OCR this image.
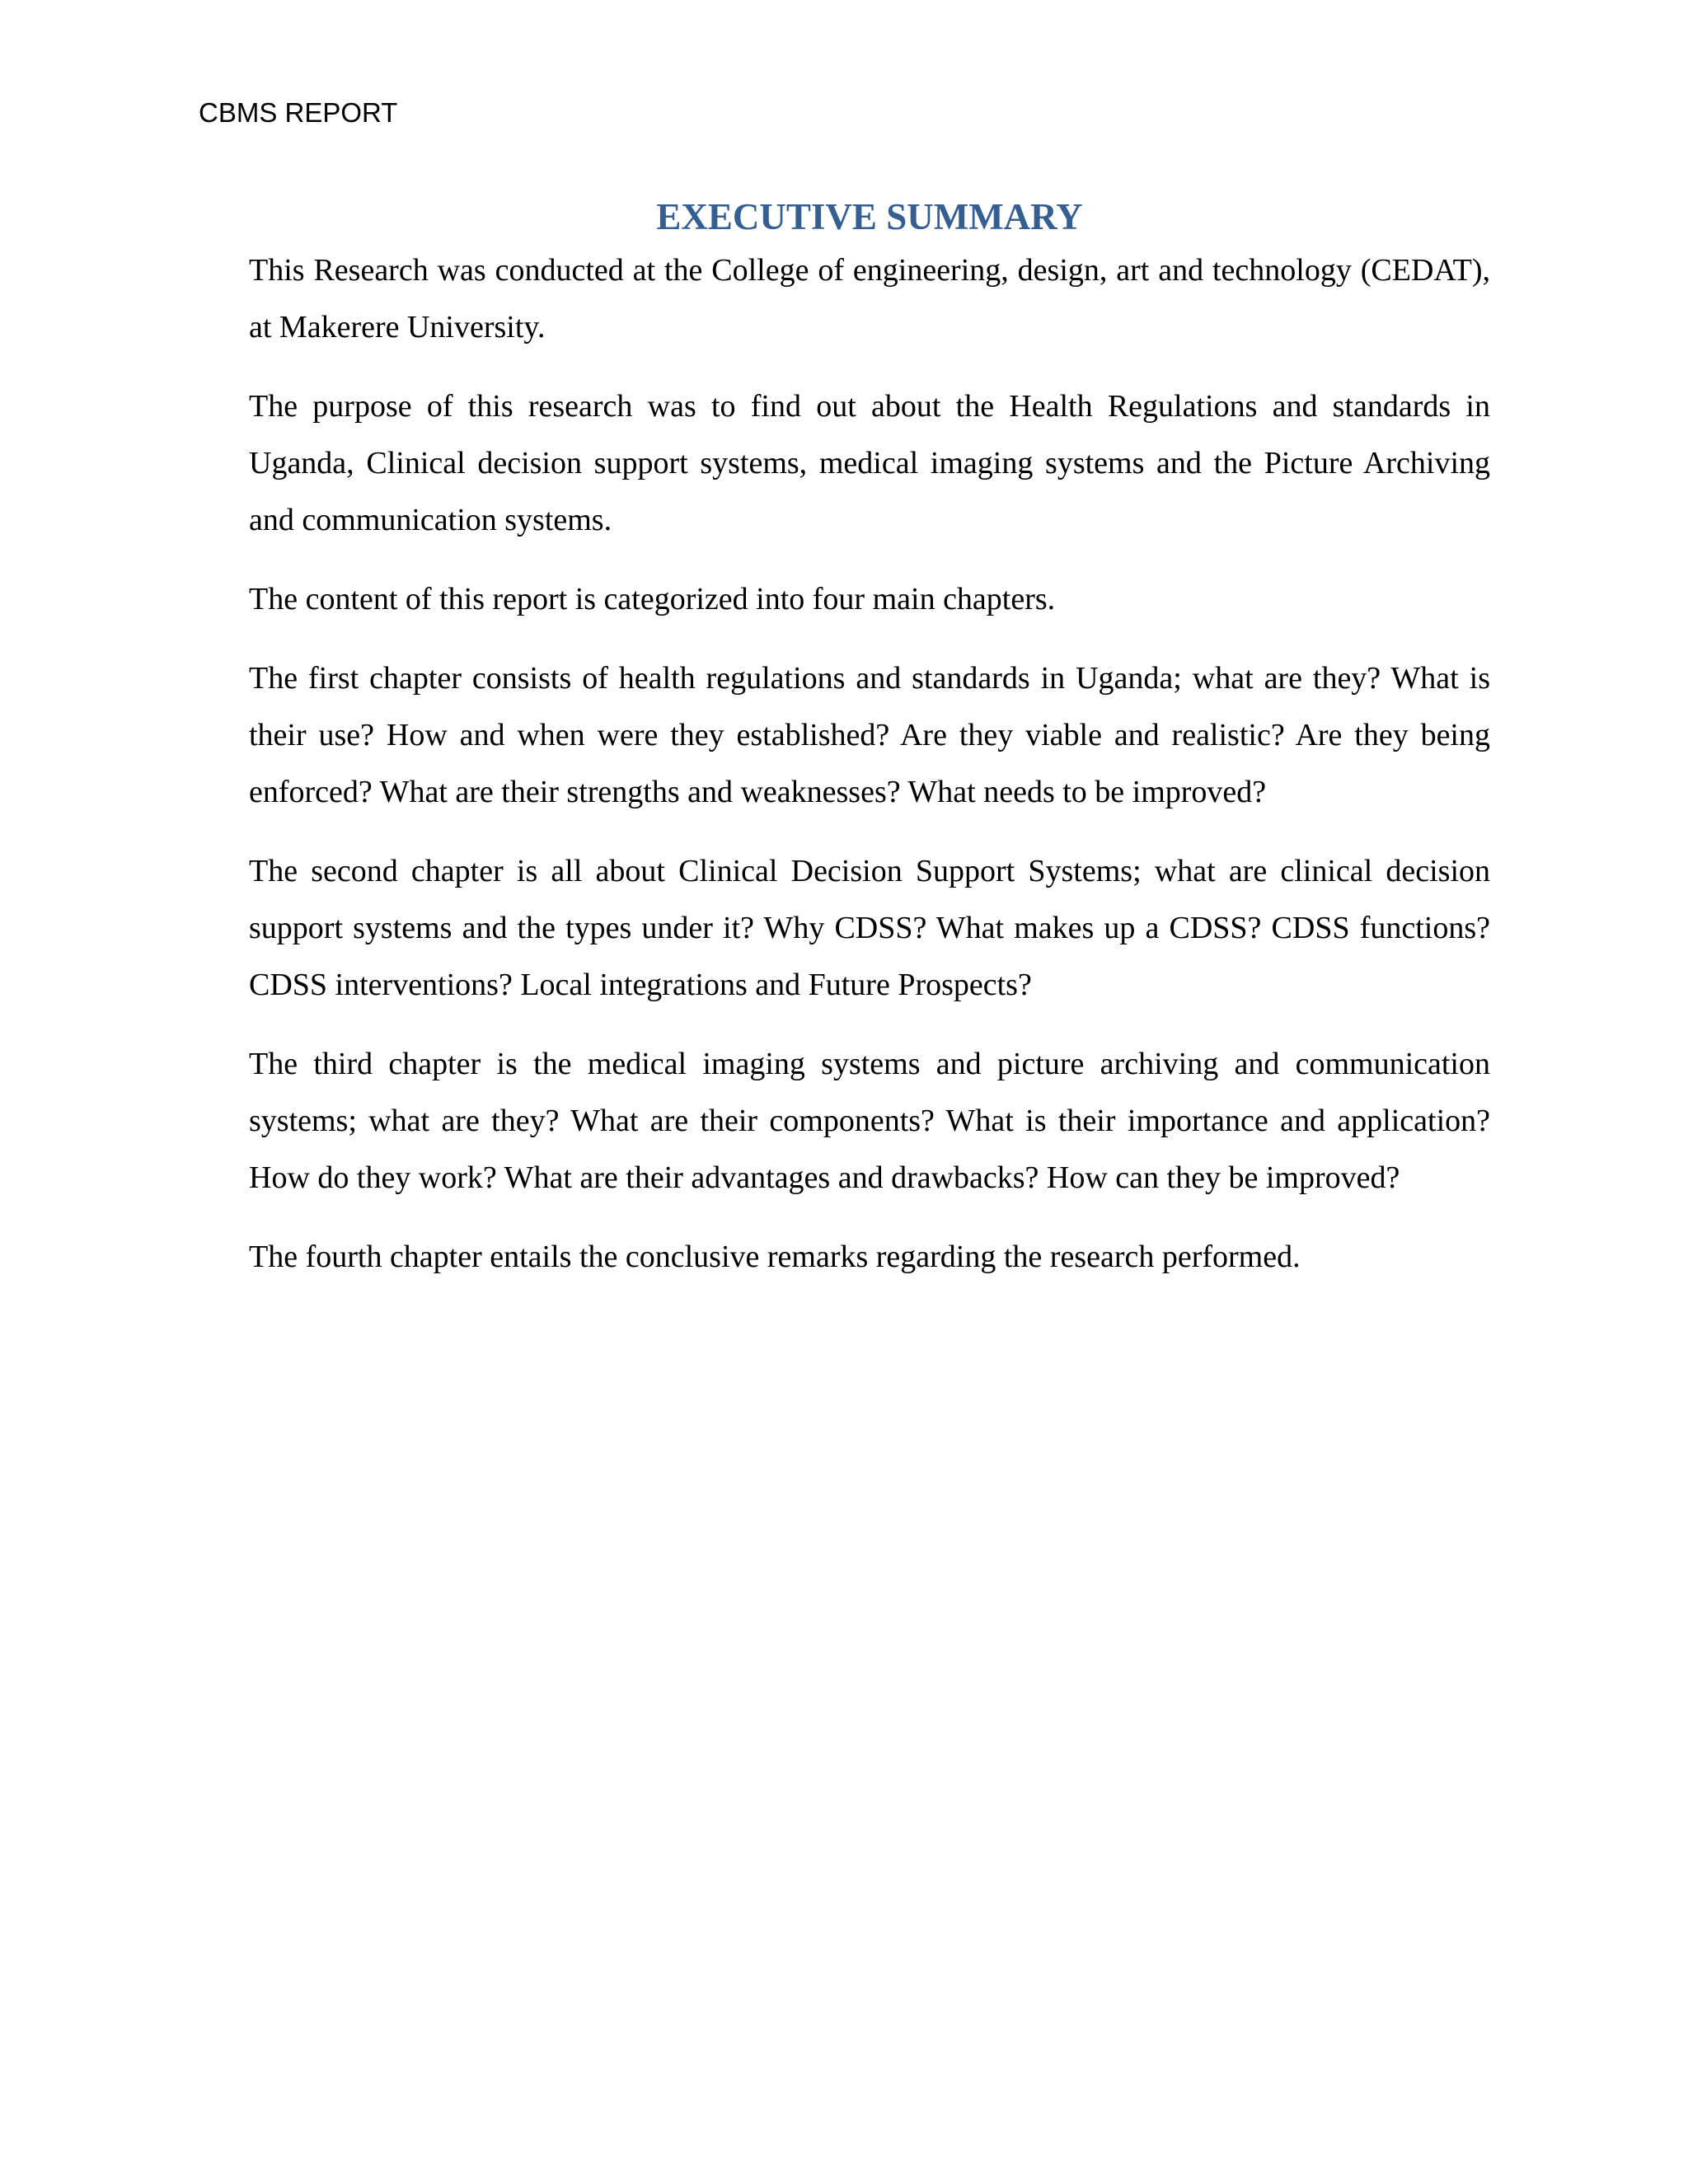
CBMS REPORT
EXECUTIVE SUMMARY

This Research was conducted at the College of engineering, design, art and technology (CEDAT), at Makerere University.

The purpose of this research was to find out about the Health Regulations and standards in Uganda, Clinical decision support systems, medical imaging systems and the Picture Archiving and communication systems.

The content of this report is categorized into four main chapters.

The first chapter consists of health regulations and standards in Uganda; what are they? What is their use? How and when were they established? Are they viable and realistic? Are they being enforced? What are their strengths and weaknesses? What needs to be improved?

The second chapter is all about Clinical Decision Support Systems; what are clinical decision support systems and the types under it? Why CDSS? What makes up a CDSS? CDSS functions? CDSS interventions? Local integrations and Future Prospects?

The third chapter is the medical imaging systems and picture archiving and communication systems; what are they? What are their components? What is their importance and application? How do they work? What are their advantages and drawbacks? How can they be improved?

The fourth chapter entails the conclusive remarks regarding the research performed.
